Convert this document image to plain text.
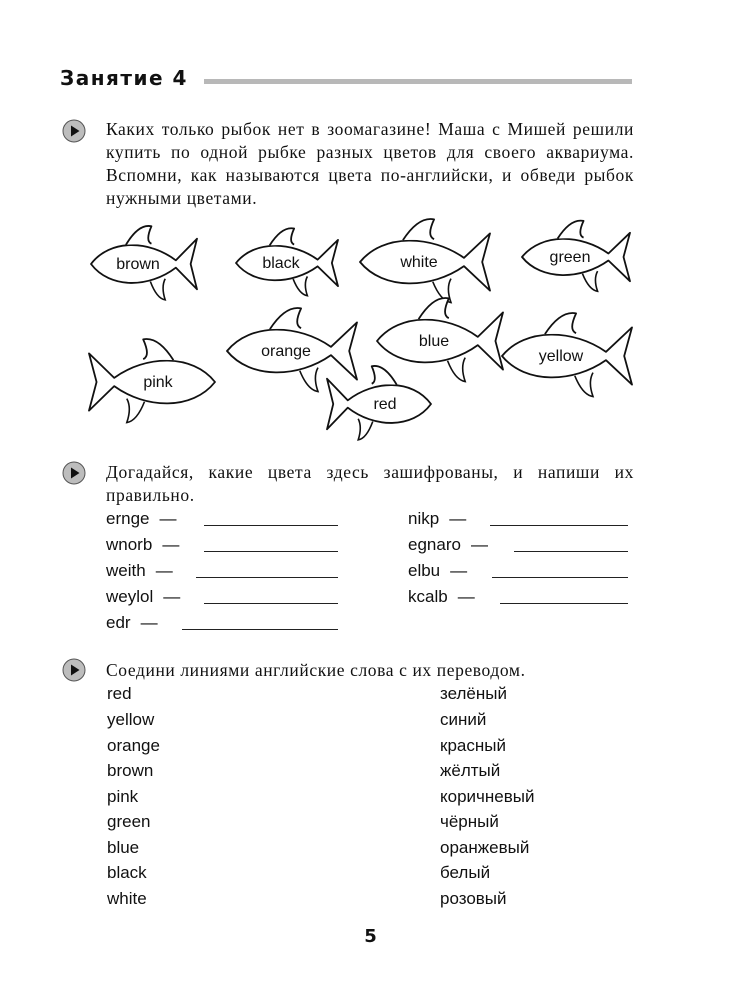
Занятие 4
Каких только рыбок нет в зоомагазине! Маша с Мишей решили купить по одной рыбке разных цветов для своего аквариума. Вспомни, как называются цвета по-английски, и обведи рыбок нужными цветами.
brown	black	white	green
orange
blue
pink
yellow
red
Догадайся, какие цвета здесь зашифрованы, и напиши их правильно.
ernge —
wnorb —
weith —
weylol —
edr —
nikp —
egnaro —
elbu —
kcalb —
Соедини линиями английские слова с их переводом.
red
yellow
orange
brown
pink
green
blue
black
white
зелёный
синий
красный
жёлтый
коричневый
чёрный
оранжевый
белый
розовый
5
